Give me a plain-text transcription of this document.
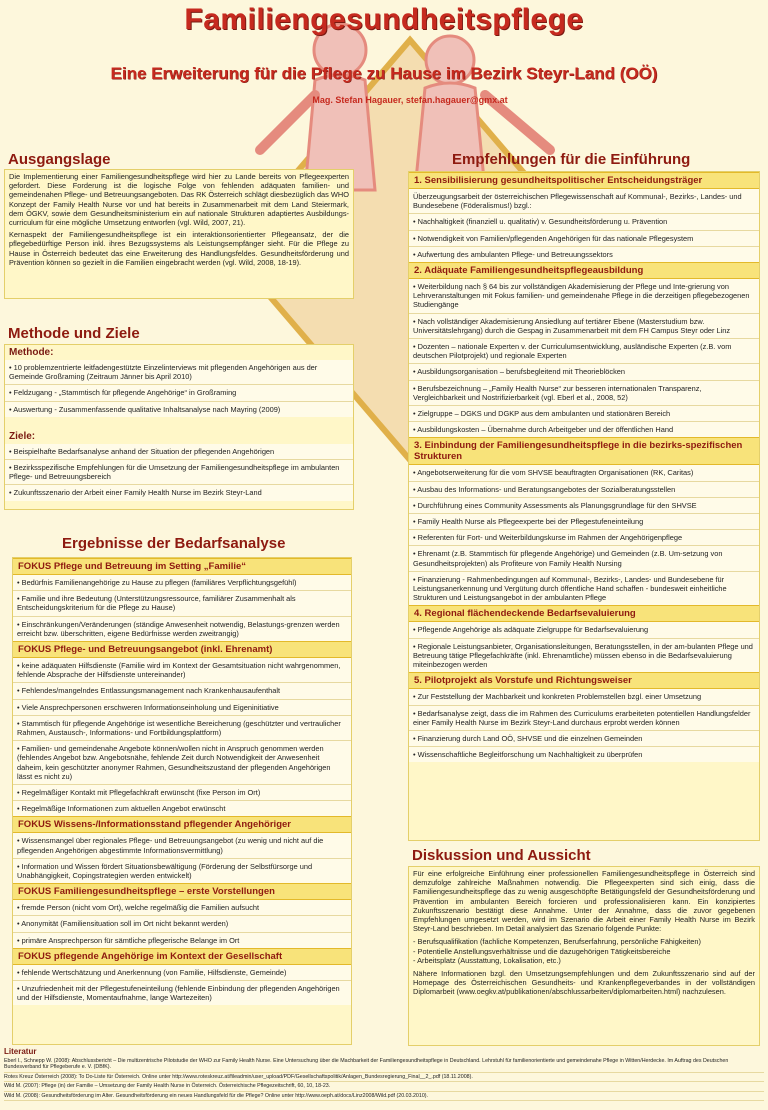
Familiengesundheitspflege
Eine Erweiterung für die Pflege zu Hause im Bezirk Steyr-Land (OÖ)
Mag. Stefan Hagauer, stefan.hagauer@gmx.at
Ausgangslage
Die Implementierung einer Familiengesundheitspflege wird hier zu Lande bereits von Pflegeexperten gefordert. Diese Forderung ist die logische Folge von fehlenden adäquaten familien- und gemeindenahen Pflege- und Betreuungsangeboten. Das RK Österreich schlägt diesbezüglich das WHO Konzept der Family Health Nurse vor und hat bereits in Zusammenarbeit mit dem Land Steiermark, dem ÖGKV, sowie dem Gesundheitsministerium ein auf nationale Strukturen adaptiertes Ausbildungs-curriculum für eine mögliche Umsetzung entworfen (vgl. Wild, 2007, 21).
Kernaspekt der Familiengesundheitspflege ist ein interaktionsorientierter Pflegeansatz, der die pflegebedürftige Person inkl. ihres Bezugssystems als Leistungsempfänger sieht. Für die Pflege zu Hause in Österreich bedeutet das eine Erweiterung des Handlungsfeldes. Gesundheitsförderung und Prävention können so gezielt in die Familien eingebracht werden (vgl. Wild, 2008, 18-19).
Methode und Ziele
Methode:
• 10 problemzentrierte leitfadengestützte Einzelinterviews mit pflegenden Angehörigen aus der Gemeinde Großraming (Zeitraum Jänner bis April 2010)
• Feldzugang - „Stammtisch für pflegende Angehörige“ in Großraming
• Auswertung - Zusammenfassende qualitative Inhaltsanalyse nach Mayring (2009)
Ziele:
• Beispielhafte Bedarfsanalyse anhand der Situation der pflegenden Angehörigen
• Bezirksspezifische Empfehlungen für die Umsetzung der Familiengesundheitspflege im ambulanten Pflege- und Betreuungsbereich
• Zukunftsszenario der Arbeit einer Family Health Nurse im Bezirk Steyr-Land
Ergebnisse der Bedarfsanalyse
FOKUS Pflege und Betreuung im Setting „Familie“
• Bedürfnis Familienangehörige zu Hause zu pflegen (familiäres Verpflichtungsgefühl)
• Familie und ihre Bedeutung (Unterstützungsressource, familiärer Zusammenhalt als Entscheidungskriterium für die Pflege zu Hause)
• Einschränkungen/Veränderungen (ständige Anwesenheit notwendig, Belastungs-grenzen werden erreicht bzw. überschritten, eigene Bedürfnisse werden zweitrangig)
FOKUS Pflege- und Betreuungsangebot (inkl. Ehrenamt)
• keine adäquaten Hilfsdienste (Familie wird im Kontext der Gesamtsituation nicht wahrgenommen, fehlende Absprache der Hilfsdienste untereinander)
• Fehlendes/mangelndes Entlassungsmanagement nach Krankenhausaufenthalt
• Viele Ansprechpersonen erschweren Informationseinholung und Eigeninitiative
• Stammtisch für pflegende Angehörige ist wesentliche Bereicherung (geschützter und vertraulicher Rahmen, Austausch-, Informations- und Fortbildungsplattform)
• Familien- und gemeindenahe Angebote können/wollen nicht in Anspruch genommen werden (fehlendes Angebot bzw. Angebotsnähe, fehlende Zeit durch Notwendigkeit der Anwesenheit daheim, kein geschützter anonymer Rahmen, Gesundheitszustand der pflegenden Angehörigen lässt es nicht zu)
• Regelmäßiger Kontakt mit Pflegefachkraft erwünscht (fixe Person im Ort)
• Regelmäßige Informationen zum aktuellen Angebot erwünscht
FOKUS Wissens-/Informationsstand pflegender Angehöriger
• Wissensmangel über regionales Pflege- und Betreuungsangebot (zu wenig und nicht auf die pflegenden Angehörigen abgestimmte Informationsvermittlung)
• Information und Wissen fördert Situationsbewältigung (Förderung der Selbstfürsorge und Unabhängigkeit, Copingstrategien werden entwickelt)
FOKUS Familiengesundheitspflege – erste Vorstellungen
• fremde Person (nicht vom Ort), welche regelmäßig die Familien aufsucht
• Anonymität (Familiensituation soll im Ort nicht bekannt werden)
• primäre Ansprechperson für sämtliche pflegerische Belange im Ort
FOKUS pflegende Angehörige im Kontext der Gesellschaft
• fehlende Wertschätzung und Anerkennung (von Familie, Hilfsdienste, Gemeinde)
• Unzufriedenheit mit der Pflegestufeneinteilung (fehlende Einbindung der pflegenden Angehörigen und der Hilfsdienste, Momentaufnahme, lange Wartezeiten)
Empfehlungen für die Einführung
1. Sensibilisierung gesundheitspolitischer Entscheidungsträger
Überzeugungsarbeit der österreichischen Pflegewissenschaft auf Kommunal-, Bezirks-, Landes- und Bundesebene (Föderalismus!) bzgl.:
• Nachhaltigkeit (finanziell u. qualitativ) v. Gesundheitsförderung u. Prävention
• Notwendigkeit von Familien/pflegenden Angehörigen für das nationale Pflegesystem
• Aufwertung des ambulanten Pflege- und Betreuungssektors
2. Adäquate Familiengesundheitspflegeausbildung
• Weiterbildung nach § 64 bis zur vollständigen Akademisierung der Pflege und Inte-grierung von Lehrveranstaltungen mit Fokus familien- und gemeindenahe Pflege in die derzeitigen pflegebezogenen Studiengänge
• Nach vollständiger Akademisierung Ansiedlung auf tertiärer Ebene (Masterstudium bzw. Universitätslehrgang) durch die Gespag in Zusammenarbeit mit dem FH Campus Steyr oder Linz
• Dozenten – nationale Experten v. der Curriculumsentwicklung, ausländische Experten (z.B. vom deutschen Pilotprojekt) und regionale Experten
• Ausbildungsorganisation – berufsbegleitend mit Theorieblöcken
• Berufsbezeichnung – „Family Health Nurse“ zur besseren internationalen Transparenz, Vergleichbarkeit und Nostrifizierbarkeit (vgl. Eberl et al., 2008, 52)
• Zielgruppe – DGKS und DGKP aus dem ambulanten und stationären Bereich
• Ausbildungskosten – Übernahme durch Arbeitgeber und der öffentlichen Hand
3. Einbindung der Familiengesundheitspflege in die bezirks-spezifischen Strukturen
• Angebotserweiterung für die vom SHVSE beauftragten Organisationen (RK, Caritas)
• Ausbau des Informations- und Beratungsangebotes der Sozialberatungsstellen
• Durchführung eines Community Assessments als Planungsgrundlage für den SHVSE
• Family Health Nurse als Pflegeexperte bei der Pflegestufeneinteilung
• Referenten für Fort- und Weiterbildungskurse im Rahmen der Angehörigenpflege
• Ehrenamt (z.B. Stammtisch für pflegende Angehörige) und Gemeinden (z.B. Um-setzung von Gesundheitsprojekten) als Profiteure von Family Health Nursing
• Finanzierung - Rahmenbedingungen auf Kommunal-, Bezirks-, Landes- und Bundesebene für Leistungsanerkennung und Vergütung durch öffentliche Hand schaffen - bundesweit einheitliche Strukturen und Leistungsangebot in der ambulanten Pflege
4. Regional flächendeckende Bedarfsevaluierung
• Pflegende Angehörige als adäquate Zielgruppe für Bedarfsevaluierung
• Regionale Leistungsanbieter, Organisationsleitungen, Beratungsstellen, in der am-bulanten Pflege und Betreuung tätige Pflegefachkräfte (inkl. Ehrenamtliche) müssen ebenso in die Bedarfsevaluierung miteinbezogen werden
5. Pilotprojekt als Vorstufe und Richtungsweiser
• Zur Feststellung der Machbarkeit und konkreten Problemstellen bzgl. einer Umsetzung
• Bedarfsanalyse zeigt, dass die im Rahmen des Curriculums erarbeiteten potentiellen Handlungsfelder einer Family Health Nurse im Bezirk Steyr-Land durchaus erprobt werden können
• Finanzierung durch Land OÖ, SHVSE und die einzelnen Gemeinden
• Wissenschaftliche Begleitforschung um Nachhaltigkeit zu überprüfen
Diskussion und Aussicht
Für eine erfolgreiche Einführung einer professionellen Familiengesundheitspflege in Österreich sind demzufolge zahlreiche Maßnahmen notwendig. Die Pflegeexperten sind sich einig, dass die Familiengesundheitspflege das zu wenig ausgeschöpfte Betätigungsfeld der Gesundheitsförderung und Prävention im ambulanten Bereich forcieren und professionalisieren kann. Ein konzipiertes Zukunftsszenario bestätigt diese Annahme. Unter der Annahme, dass die zuvor gegebenen Empfehlungen umgesetzt werden, wird im Szenario die Arbeit einer Family Health Nurse im Bezirk Steyr-Land beschrieben. Im Detail analysiert das Szenario folgende Punkte:
- Berufsqualifikation (fachliche Kompetenzen, Berufserfahrung, persönliche Fähigkeiten)
- Potentielle Anstellungsverhältnisse und die dazugehörigen Tätigkeitsbereiche
- Arbeitsplatz (Ausstattung, Lokalisation, etc.)
Nähere Informationen bzgl. den Umsetzungsempfehlungen und dem Zukunftsszenario sind auf der Homepage des Österreichischen Gesundheits- und Krankenpflegeverbandes in der vollständigen Diplomarbeit (www.oegkv.at/publikationen/abschlussarbeiten/diplomarbeiten.html) nachzulesen.
Literatur
Eberl I., Schnepp W. (2008): Abschlussbericht – Die multizentrische Pilotstudie der WHO zur Family Health Nurse. Eine Untersuchung über die Machbarkeit der Familiengesundheitspflege in Deutschland. Lehrstuhl für familienorientierte und gemeindenahe Pflege in Witten/Herdecke. Im Auftrag des Deutschen Bundesverband für Pflegeberufe e. V. (DBfK).
Rotes Kreuz Österreich (2008): To Do-Liste für Österreich. Online unter http://www.roteskreuz.at/fileadmin/user_upload/PDF/Gesellschaftspolitik/Anlagen_Bundesregierung_Final__2_.pdf (18.11.2008).
Wild M. (2007): Pflege (in) der Familie – Umsetzung der Family Health Nurse in Österreich. Österreichische Pflegezeitschrift, 60, 10, 18-23.
Wild M. (2008): Gesundheitsförderung im Alter. Gesundheitsförderung ein neues Handlungsfeld für die Pflege? Online unter http://www.oeph.at/docs/Linz2008/Wild.pdf (20.03.2010).
